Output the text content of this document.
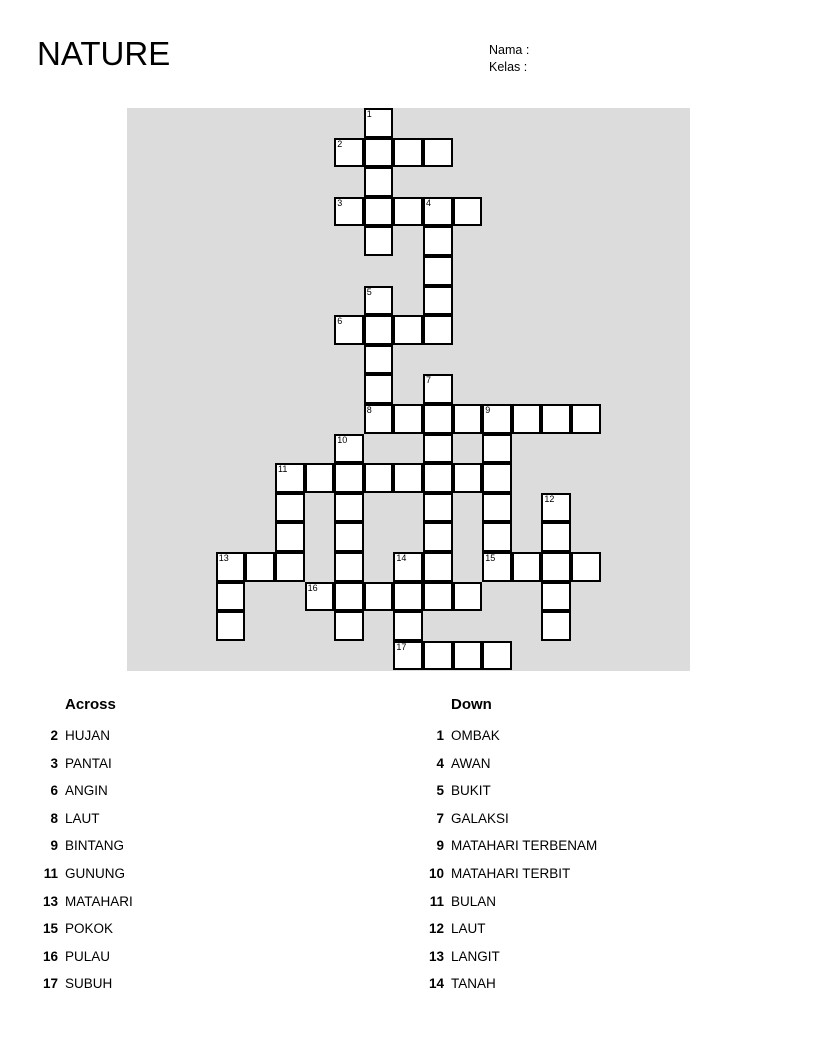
NATURE	Nama :
Kelas :
1
2
3	4
5
8
6
7
9
10
11
12
13	14	15
16
17
Across
2 HUJAN
3 PANTAI
6 ANGIN
8 LAUT
9 BINTANG
11 GUNUNG
13 MATAHARI
15 POKOK
16 PULAU
17 SUBUH
Down
1 OMBAK
4 AWAN
5 BUKIT
7 GALAKSI
9 MATAHARI TERBENAM
10 MATAHARI TERBIT
11 BULAN
12 LAUT
13 LANGIT
14 TANAH
